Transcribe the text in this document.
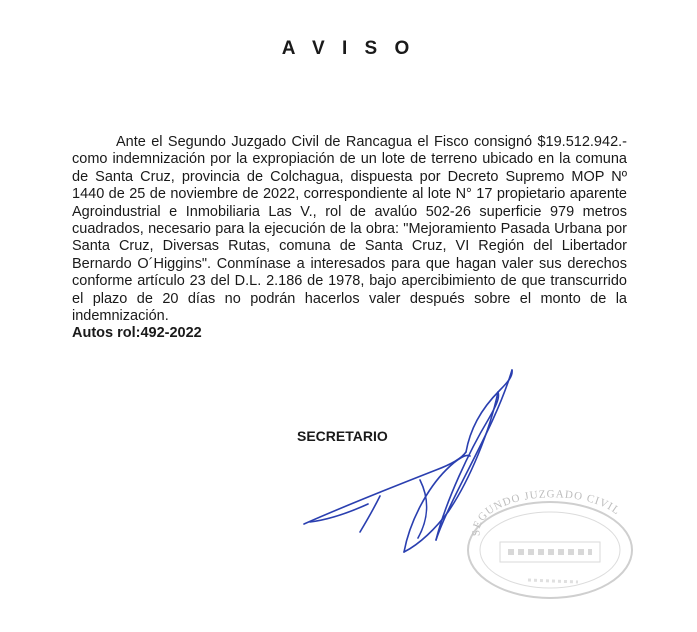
A V I S O

Ante el Segundo Juzgado Civil de Rancagua el Fisco consignó $19.512.942.- como indemnización por la expropiación de un lote de terreno ubicado en la comuna de Santa Cruz, provincia de Colchagua, dispuesta por Decreto Supremo MOP Nº 1440 de 25 de noviembre de 2022, correspondiente al lote N° 17 propietario aparente Agroindustrial e Inmobiliaria Las V., rol de avalúo 502-26 superficie 979 metros cuadrados, necesario para la ejecución de la obra: "Mejoramiento Pasada Urbana por Santa Cruz, Diversas Rutas, comuna de Santa Cruz, VI Región del Libertador Bernardo O´Higgins". Conmínase a interesados para que hagan valer sus derechos conforme artículo 23 del D.L. 2.186 de 1978, bajo apercibimiento de que transcurrido el plazo de 20 días no podrán hacerlos valer después sobre el monto de la indemnización.

Autos rol:492-2022

SECRETARIO

SEGUNDO JUZGADO CIVIL
